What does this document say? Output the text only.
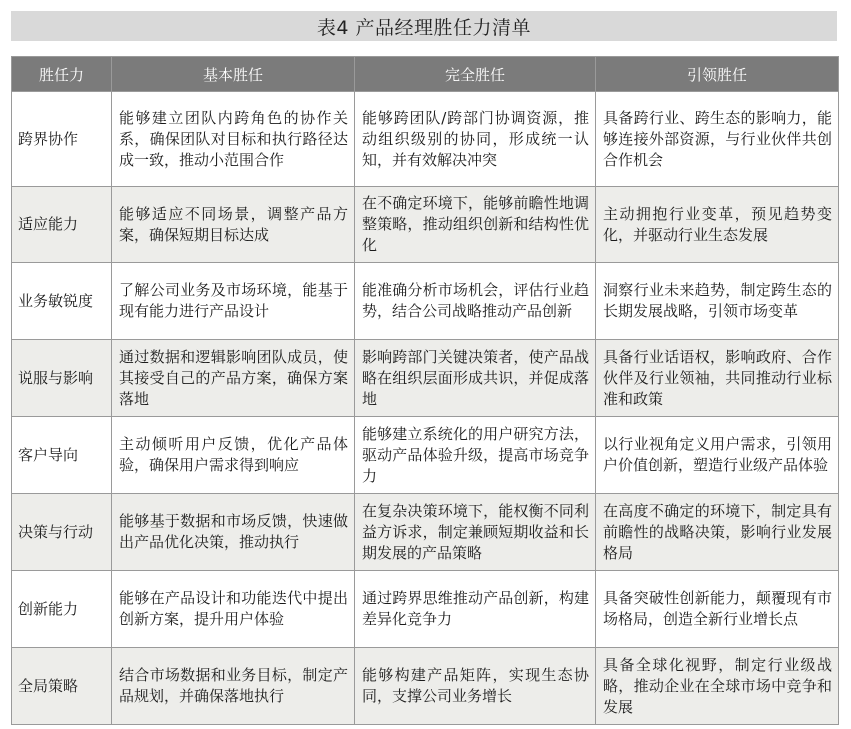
表4 产品经理胜任力清单
胜任力	基本胜任	完全胜任	引领胜任
跨界协作	能够建立团队内跨角色的协作关系，确保团队对目标和执行路径达成一致，推动小范围合作	能够跨团队/跨部门协调资源，推动组织级别的协同，形成统一认知，并有效解决冲突	具备跨行业、跨生态的影响力，能够连接外部资源，与行业伙伴共创合作机会
适应能力	能够适应不同场景，调整产品方案，确保短期目标达成	在不确定环境下，能够前瞻性地调整策略，推动组织创新和结构性优化	主动拥抱行业变革，预见趋势变化，并驱动行业生态发展
业务敏锐度	了解公司业务及市场环境，能基于现有能力进行产品设计	能准确分析市场机会，评估行业趋势，结合公司战略推动产品创新	洞察行业未来趋势，制定跨生态的长期发展战略，引领市场变革
说服与影响	通过数据和逻辑影响团队成员，使其接受自己的产品方案，确保方案落地	影响跨部门关键决策者，使产品战略在组织层面形成共识，并促成落地	具备行业话语权，影响政府、合作伙伴及行业领袖，共同推动行业标准和政策
客户导向	主动倾听用户反馈，优化产品体验，确保用户需求得到响应	能够建立系统化的用户研究方法，驱动产品体验升级，提高市场竞争力	以行业视角定义用户需求，引领用户价值创新，塑造行业级产品体验
决策与行动	能够基于数据和市场反馈，快速做出产品优化决策，推动执行	在复杂决策环境下，能权衡不同利益方诉求，制定兼顾短期收益和长期发展的产品策略	在高度不确定的环境下，制定具有前瞻性的战略决策，影响行业发展格局
创新能力	能够在产品设计和功能迭代中提出创新方案，提升用户体验	通过跨界思维推动产品创新，构建差异化竞争力	具备突破性创新能力，颠覆现有市场格局，创造全新行业增长点
全局策略	结合市场数据和业务目标，制定产品规划，并确保落地执行	能够构建产品矩阵，实现生态协同，支撑公司业务增长	具备全球化视野，制定行业级战略，推动企业在全球市场中竞争和发展
